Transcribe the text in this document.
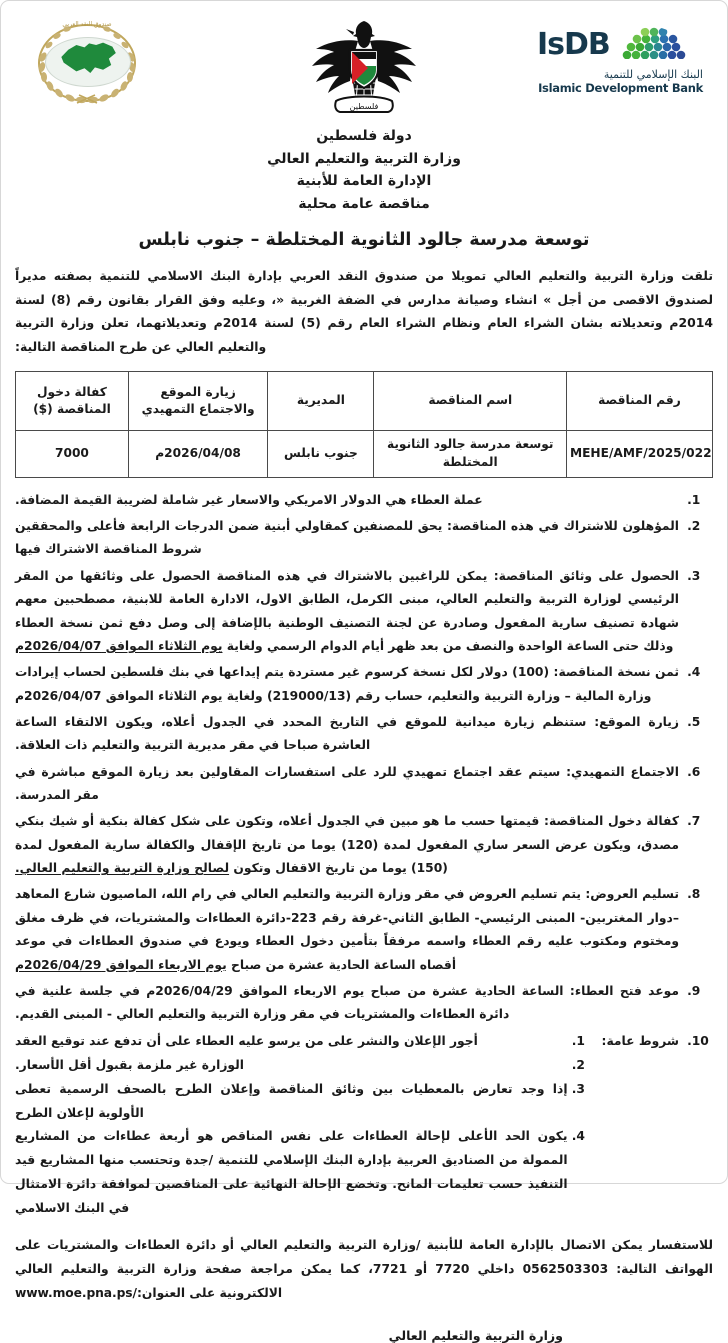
صندوق النقد العربي
فلسطين
IsDB
البنك الإسلامي للتنمية
Islamic Development Bank
دولة فلسطين
وزارة التربية والتعليم العالي
الإدارة العامة للأبنية
مناقصة عامة محلية
توسعة مدرسة جالود الثانوية المختلطة – جنوب نابلس

تلقت وزارة التربية والتعليم العالي تمويلا من صندوق النقد العربي بإدارة البنك الاسلامي للتنمية بصفته مديراً لصندوق الاقصى من أجل » انشاء وصيانة مدارس في الضفة الغربية «، وعليه وفق القرار بقانون رقم (8) لسنة 2014م وتعديلاته بشان الشراء العام ونظام الشراء العام رقم (5) لسنة 2014م وتعديلاتهما، تعلن وزارة التربية والتعليم العالي عن طرح المناقصة التالية:

رقم المناقصة	اسم المناقصة	المديرية	زيارة الموقع والاجتماع التمهيدي	كفالة دخول المناقصة ($)
MEHE/AMF/2025/022	توسعة مدرسة جالود الثانوية المختلطة	جنوب نابلس	2026/04/08م	7000
1. عملة العطاء هي الدولار الامريكي والاسعار غير شاملة لضريبة القيمة المضافة.
2. المؤهلون للاشتراك في هذه المناقصة: يحق للمصنفين كمقاولي أبنية ضمن الدرجات الرابعة فأعلى والمحققين شروط المناقصة الاشتراك فيها
3. الحصول على وثائق المناقصة: يمكن للراغبين بالاشتراك في هذه المناقصة الحصول على وثائقها من المقر الرئيسي لوزارة التربية والتعليم العالي، مبنى الكرمل، الطابق الاول، الادارة العامة للابنية، مصطحبين معهم شهادة تصنيف سارية المفعول وصادرة عن لجنة التصنيف الوطنية بالإضافة إلى وصل دفع ثمن نسخة العطاء وذلك حتى الساعة الواحدة والنصف من بعد ظهر أيام الدوام الرسمي ولغاية يوم الثلاثاء الموافق 2026/04/07م
4. ثمن نسخة المناقصة: (100) دولار لكل نسخة كرسوم غير مستردة يتم إيداعها في بنك فلسطين لحساب إيرادات وزارة المالية – وزارة التربية والتعليم، حساب رقم (219000/13) ولغاية يوم الثلاثاء الموافق 2026/04/07م
5. زيارة الموقع: ستنظم زيارة ميدانية للموقع في التاريخ المحدد في الجدول أعلاه، ويكون الالتقاء الساعة العاشرة صباحا في مقر مديرية التربية والتعليم ذات العلاقة.
6. الاجتماع التمهيدي: سيتم عقد اجتماع تمهيدي للرد على استفسارات المقاولين بعد زيارة الموقع مباشرة في مقر المدرسة.
7. كفالة دخول المناقصة: قيمتها حسب ما هو مبين في الجدول أعلاه، وتكون على شكل كفالة بنكية أو شيك بنكي مصدق، ويكون عرض السعر ساري المفعول لمدة (120) يوما من تاريخ الإقفال والكفالة سارية المفعول لمدة (150) يوما من تاريخ الاقفال وتكون لصالح وزارة التربية والتعليم العالي.
8. تسليم العروض: يتم تسليم العروض في مقر وزارة التربية والتعليم العالي في رام الله، الماصيون شارع المعاهد –دوار المغتربين- المبنى الرئيسي- الطابق الثاني-غرفة رقم 223-دائرة العطاءات والمشتريات، في ظرف مغلق ومختوم ومكتوب عليه رقم العطاء واسمه مرفقاً بتأمين دخول العطاء ويودع في صندوق العطاءات في موعد أقصاه الساعة الحادية عشرة من صباح يوم الاربعاء الموافق 2026/04/29م
9. موعد فتح العطاء: الساعة الحادية عشرة من صباح يوم الاربعاء الموافق 2026/04/29م في جلسة علنية في دائرة العطاءات والمشتريات في مقر وزارة التربية والتعليم العالي - المبنى القديم.
10. شروط عامة:
1. أجور الإعلان والنشر على من يرسو عليه العطاء على أن تدفع عند توقيع العقد
2. الوزارة غير ملزمة بقبول أقل الأسعار.
3. إذا وجد تعارض بالمعطيات بين وثائق المناقصة وإعلان الطرح بالصحف الرسمية تعطى الأولوية لإعلان الطرح
4. يكون الحد الأعلى لإحالة العطاءات على نفس المناقص هو أربعة عطاءات من المشاريع الممولة من الصناديق العربية بإدارة البنك الإسلامي للتنمية /جدة وتحتسب منها المشاريع قيد التنفيذ حسب تعليمات المانح. وتخضع الإحالة النهائية على المناقصين لموافقة دائرة الامتثال في البنك الاسلامي

للاستفسار يمكن الاتصال بالإدارة العامة للأبنية /وزارة التربية والتعليم العالي أو دائرة العطاءات والمشتريات على الهواتف التالية: 0562503303 داخلي 7720 أو 7721، كما يمكن مراجعة صفحة وزارة التربية والتعليم العالي الالكترونية على العنوان:/www.moe.pna.ps

وزارة التربية والتعليم العالي
